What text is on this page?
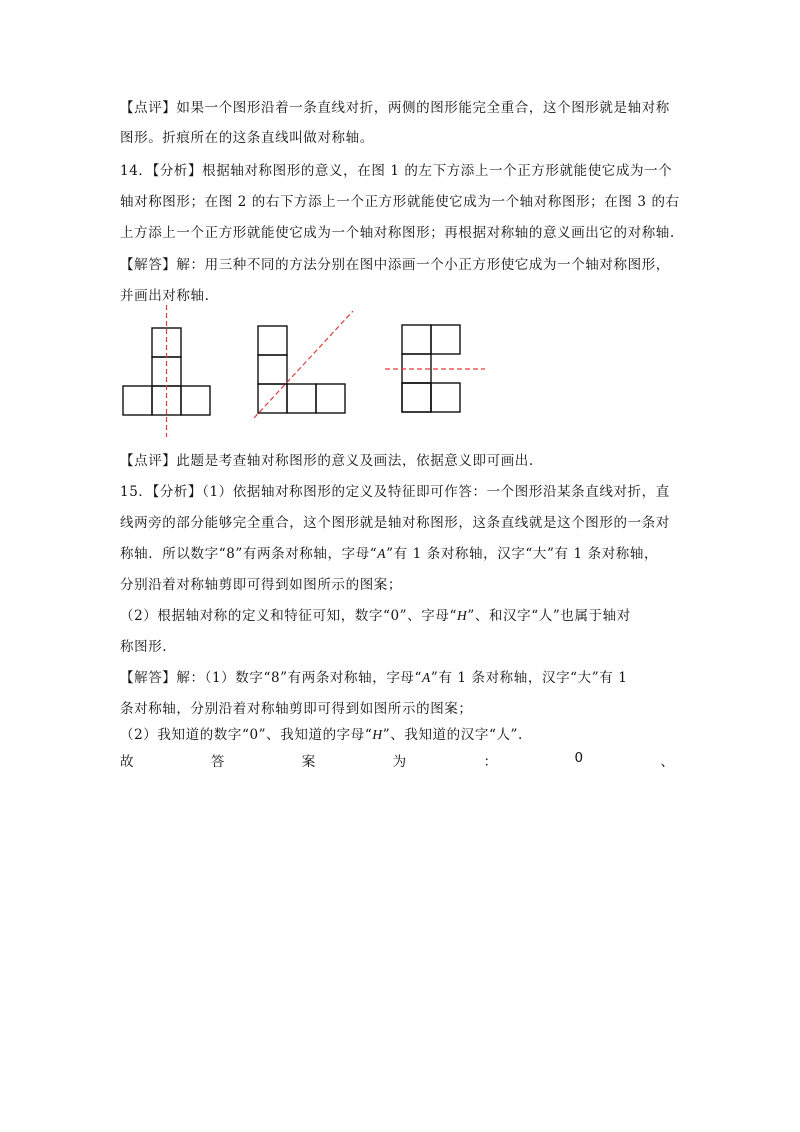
【点评】如果一个图形沿着一条直线对折，两侧的图形能完全重合，这个图形就是轴对称
图形。折痕所在的这条直线叫做对称轴。
14．【分析】根据轴对称图形的意义，在图 1 的左下方添上一个正方形就能使它成为一个
轴对称图形；在图 2 的右下方添上一个正方形就能使它成为一个轴对称图形；在图 3 的右
上方添上一个正方形就能使它成为一个轴对称图形；再根据对称轴的意义画出它的对称轴.
【解答】解：用三种不同的方法分别在图中添画一个小正方形使它成为一个轴对称图形，
并画出对称轴.
【点评】此题是考查轴对称图形的意义及画法，依据意义即可画出.
15．【分析】（1）依据轴对称图形的定义及特征即可作答：一个图形沿某条直线对折，直
线两旁的部分能够完全重合，这个图形就是轴对称图形，这条直线就是这个图形的一条对
称轴．所以数字“8”有两条对称轴，字母“A”有 1 条对称轴，汉字“大”有 1 条对称轴，
分别沿着对称轴剪即可得到如图所示的图案；
（2）根据轴对称的定义和特征可知，数字“0”、字母“H”、和汉字“人”也属于轴对
称图形.
【解答】解：（1）数字“8”有两条对称轴，字母“A”有 1 条对称轴，汉字“大”有 1
条对称轴，分别沿着对称轴剪即可得到如图所示的图案；
（2）我知道的数字“0”、我知道的字母“H”、我知道的汉字“人”.
故	答	案	为	：	0	、
